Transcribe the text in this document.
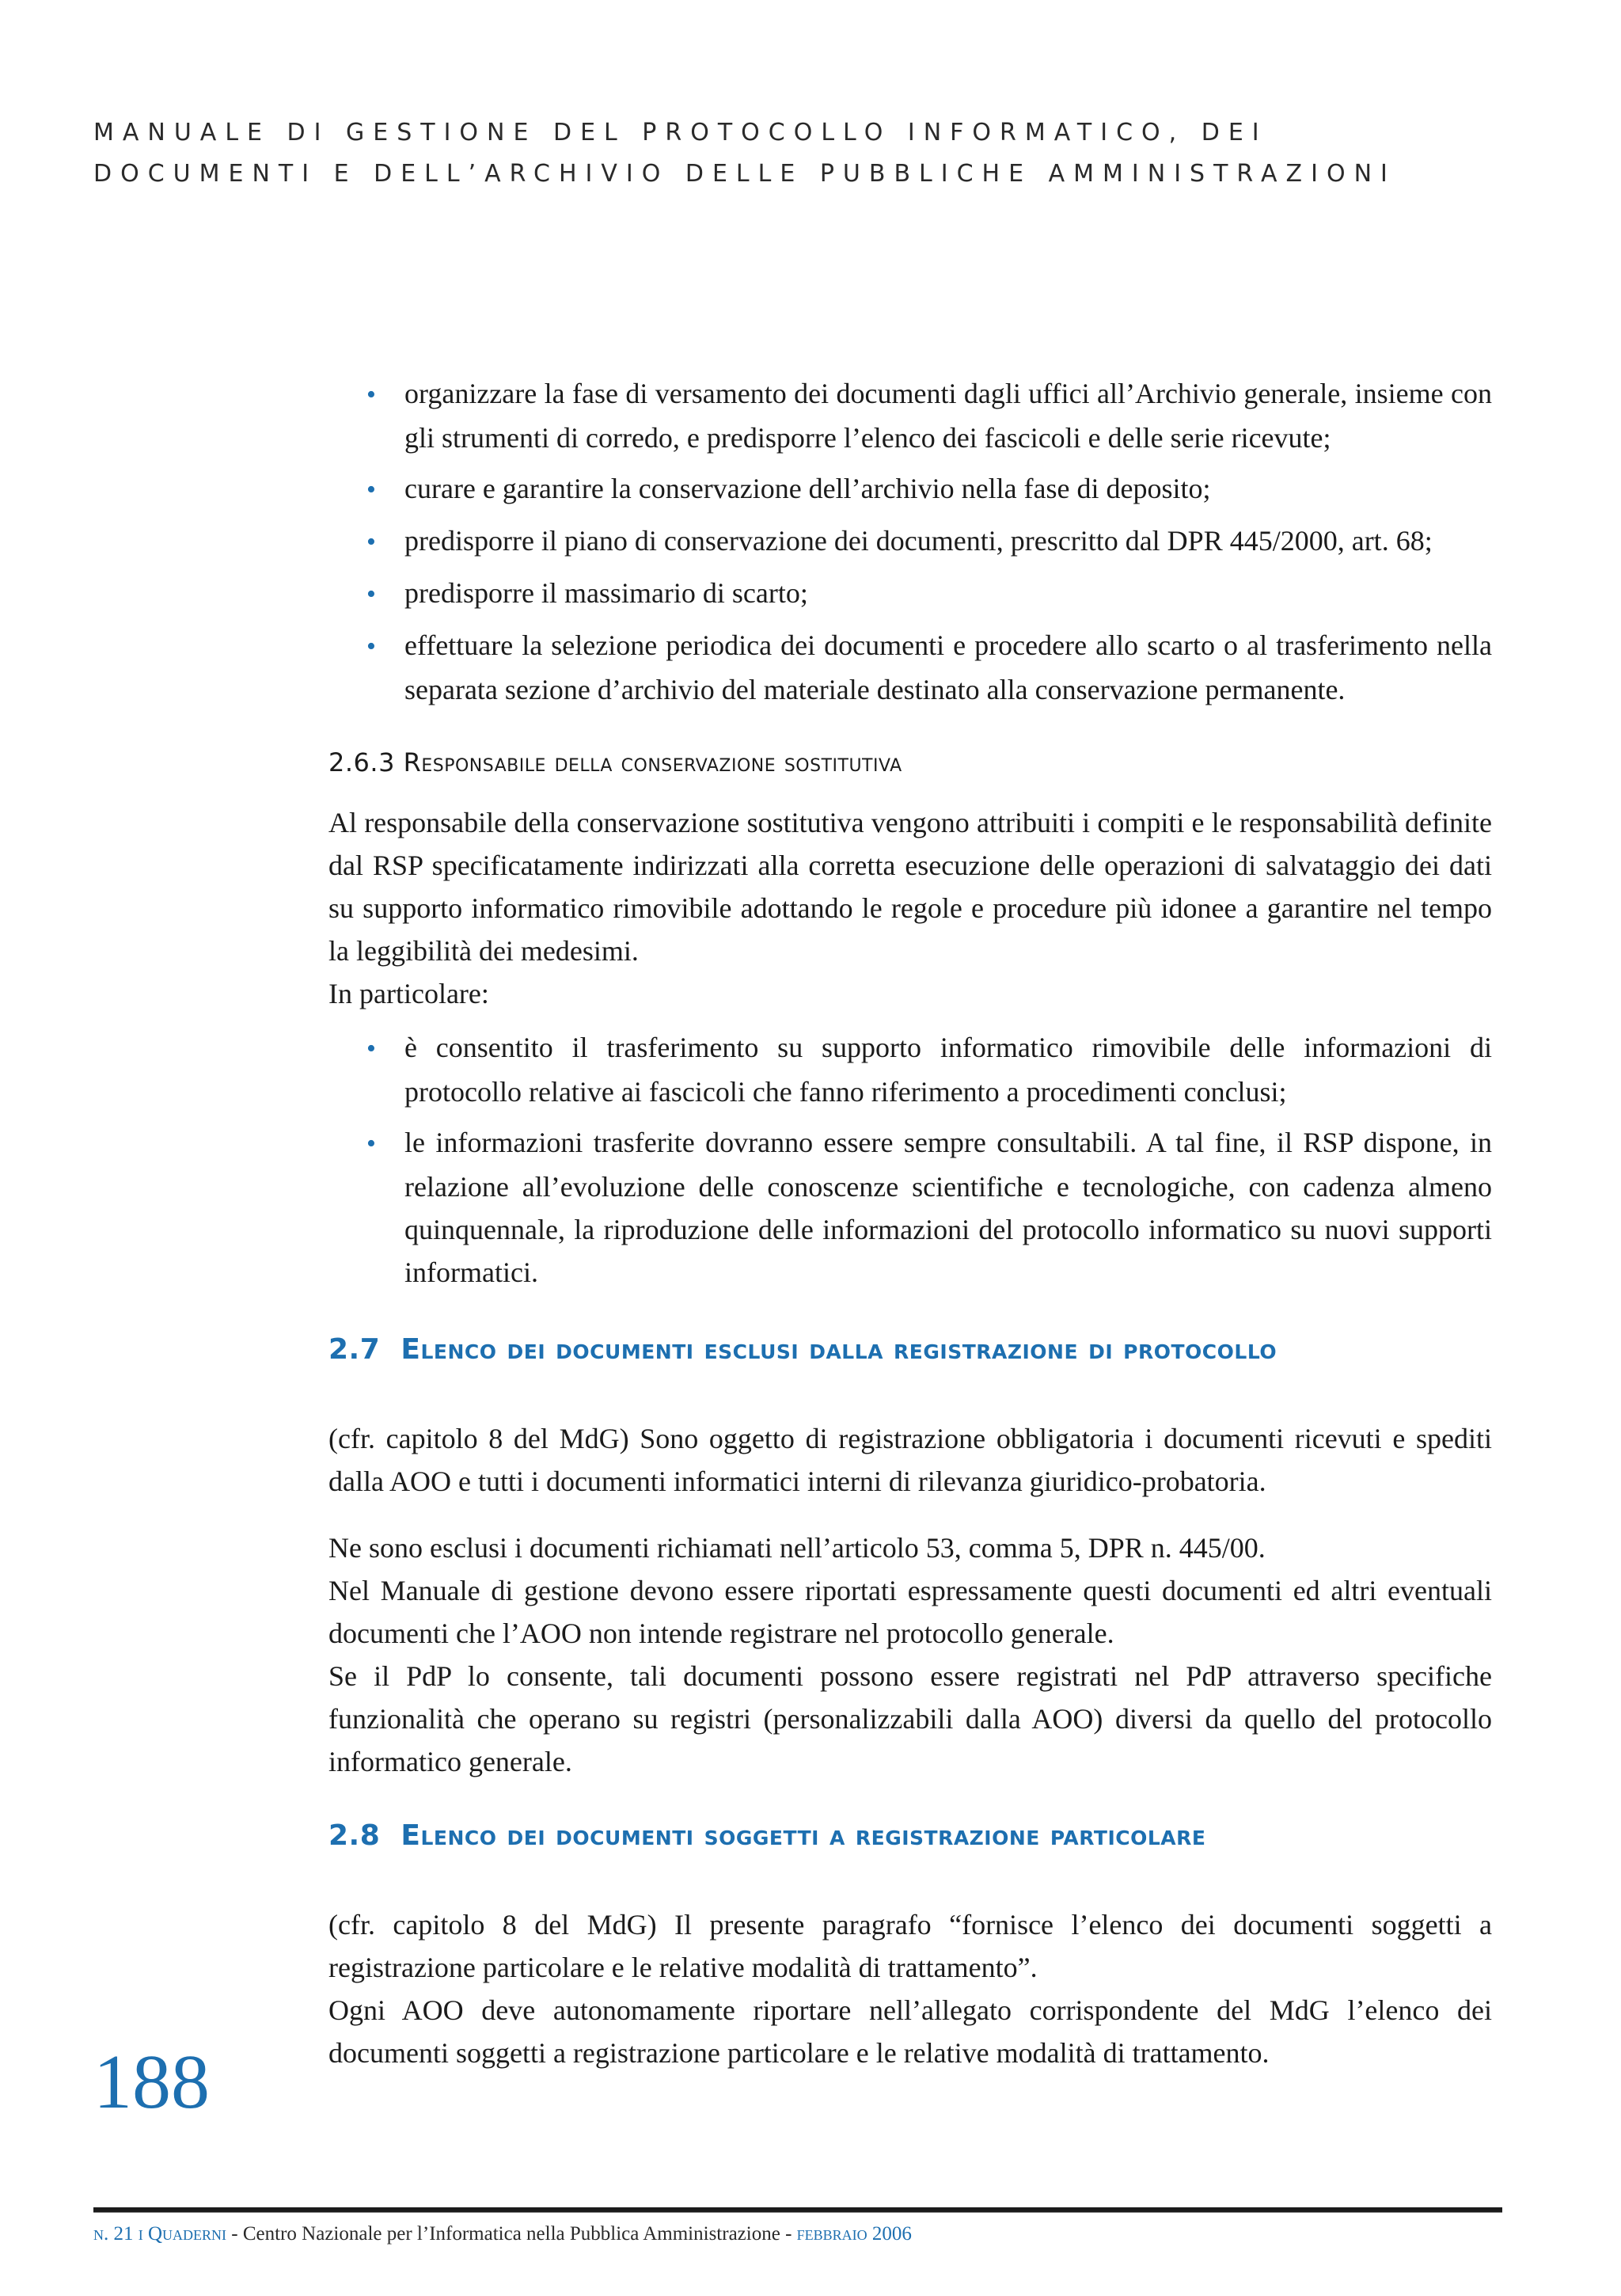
MANUALE DI GESTIONE DEL PROTOCOLLO INFORMATICO, DEI
DOCUMENTI E DELL’ARCHIVIO DELLE PUBBLICHE AMMINISTRAZIONI
• organizzare la fase di versamento dei documenti dagli uffici all’Archivio generale, insieme con gli strumenti di corredo, e predisporre l’elenco dei fascicoli e delle serie ricevute;
• curare e garantire la conservazione dell’archivio nella fase di deposito;
• predisporre il piano di conservazione dei documenti, prescritto dal DPR 445/2000, art. 68;
• predisporre il massimario di scarto;
• effettuare la selezione periodica dei documenti e procedere allo scarto o al trasferimento nella separata sezione d’archivio del materiale destinato alla conservazione permanente.
2.6.3 Responsabile della conservazione sostitutiva

Al responsabile della conservazione sostitutiva vengono attribuiti i compiti e le responsabilità definite dal RSP specificatamente indirizzati alla corretta esecuzione delle operazioni di salvataggio dei dati su supporto informatico rimovibile adottando le regole e procedure più idonee a garantire nel tempo la leggibilità dei medesimi.

In particolare:

• è consentito il trasferimento su supporto informatico rimovibile delle informazioni di protocollo relative ai fascicoli che fanno riferimento a procedimenti conclusi;
• le informazioni trasferite dovranno essere sempre consultabili. A tal fine, il RSP dispone, in relazione all’evoluzione delle conoscenze scientifiche e tecnologiche, con cadenza almeno quinquennale, la riproduzione delle informazioni del protocollo informatico su nuovi supporti informatici.
2.7 Elenco dei documenti esclusi dalla registrazione di protocollo

(cfr. capitolo 8 del MdG) Sono oggetto di registrazione obbligatoria i documenti ricevuti e spediti dalla AOO e tutti i documenti informatici interni di rilevanza giuridico-probatoria.

Ne sono esclusi i documenti richiamati nell’articolo 53, comma 5, DPR n. 445/00.

Nel Manuale di gestione devono essere riportati espressamente questi documenti ed altri eventuali documenti che l’AOO non intende registrare nel protocollo generale.

Se il PdP lo consente, tali documenti possono essere registrati nel PdP attraverso specifiche funzionalità che operano su registri (personalizzabili dalla AOO) diversi da quello del protocollo informatico generale.

2.8 Elenco dei documenti soggetti a registrazione particolare

(cfr. capitolo 8 del MdG) Il presente paragrafo “fornisce l’elenco dei documenti soggetti a registrazione particolare e le relative modalità di trattamento”.

Ogni AOO deve autonomamente riportare nell’allegato corrispondente del MdG l’elenco dei documenti soggetti a registrazione particolare e le relative modalità di trattamento.

188
n. 21 i Quaderni - Centro Nazionale per l’Informatica nella Pubblica Amministrazione - febbraio 2006
